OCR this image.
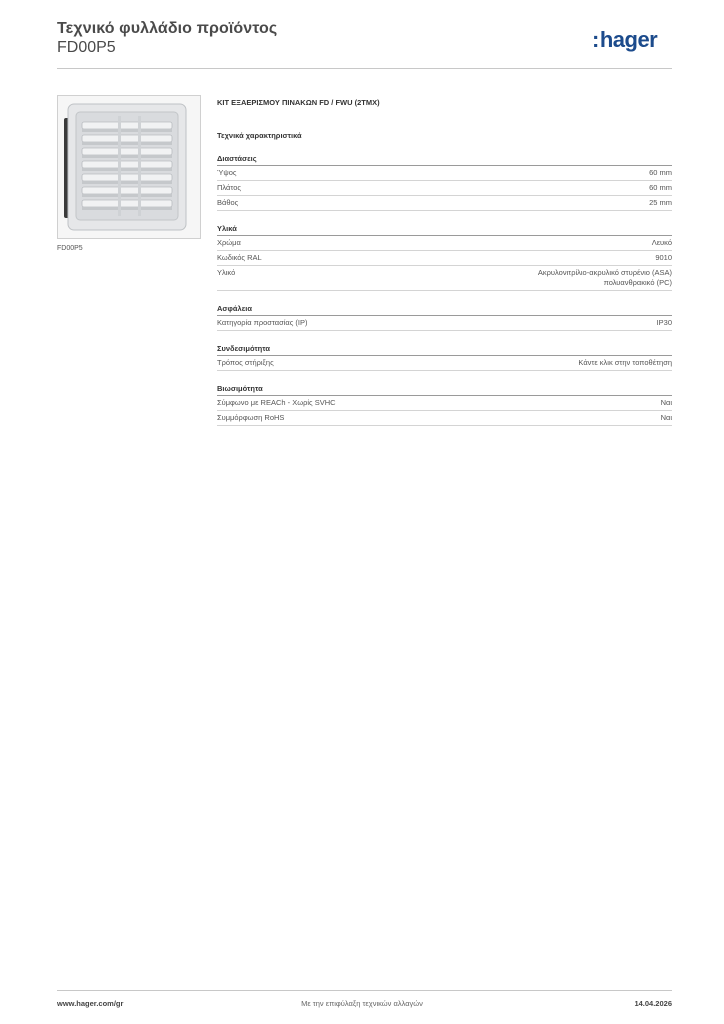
Τεχνικό φυλλάδιο προϊόντος
FD00P5	:hager
FD00P5
ΚΙΤ ΕΞΑΕΡΙΣΜΟΥ ΠΙΝΑΚΩΝ FD / FWU (2TMX)
Τεχνικά χαρακτηριστικά
Διαστάσεις
Ύψος	60 mm
Πλάτος	60 mm
Βάθος	25 mm
Υλικά
Χρώμα	Λευκό
Κωδικός RAL	9010
Υλικό	Ακρυλονιτρίλιο-ακρυλικό στυρένιο (ASA)
πολυανθρακικό (PC)
Ασφάλεια
Κατηγορία προστασίας (IP)	IP30
Συνδεσιμότητα
Τρόπος στήριξης	Κάντε κλικ στην τοποθέτηση
Βιωσιμότητα
Σύμφωνο με REACh - Χωρίς SVHC	Ναι
Συμμόρφωση RoHS	Ναι
www.hager.com/gr	Με την επιφύλαξη τεχνικών αλλαγών	14.04.2026
